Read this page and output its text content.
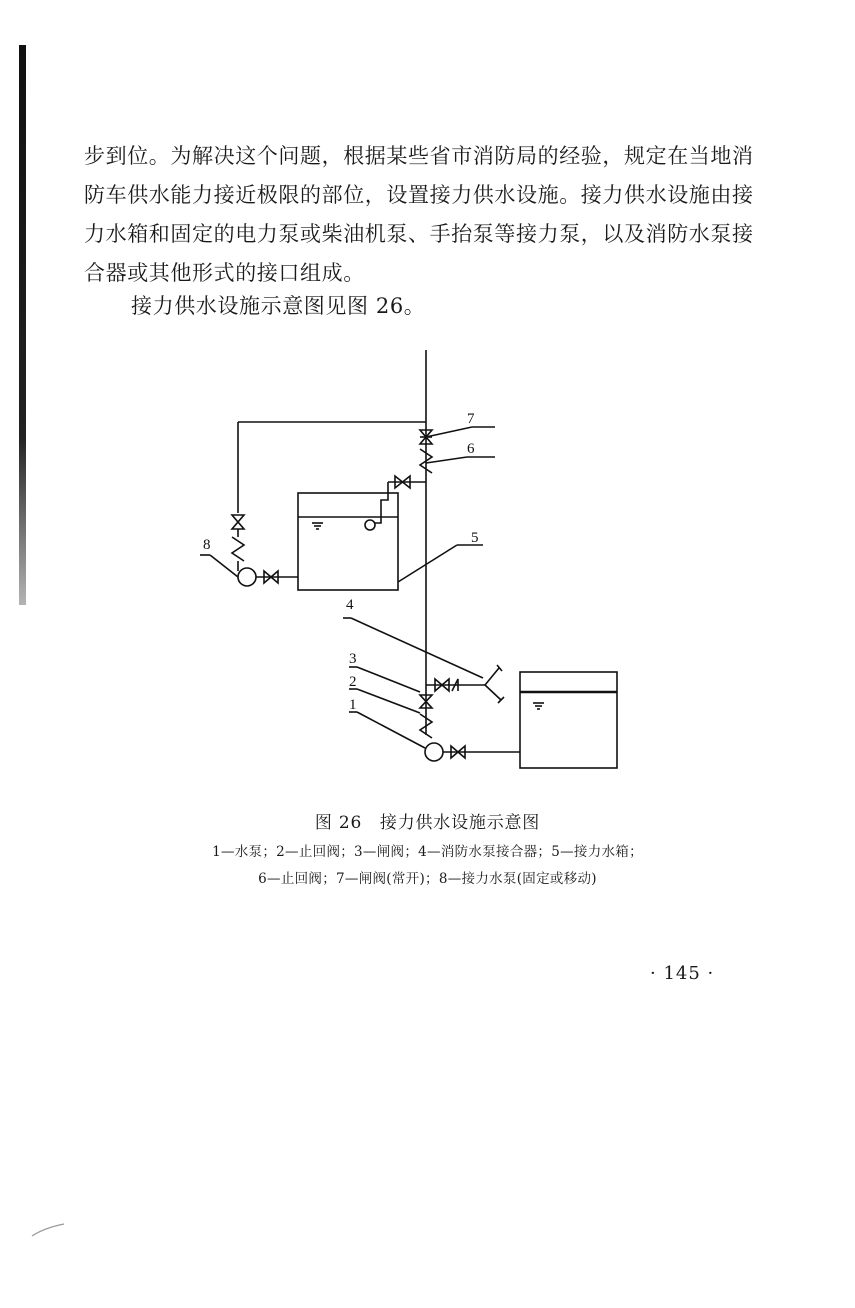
步到位。为解决这个问题，根据某些省市消防局的经验，规定在当地消防车供水能力接近极限的部位，设置接力供水设施。接力供水设施由接力水箱和固定的电力泵或柴油机泵、手抬泵等接力泵，以及消防水泵接合器或其他形式的接口组成。

接力供水设施示意图见图 26。

7
6
5
4
3
2
1
8
图 26　接力供水设施示意图
1—水泵；2—止回阀；3—闸阀；4—消防水泵接合器；5—接力水箱；
6—止回阀；7—闸阀(常开)；8—接力水泵(固定或移动)
· 145 ·
